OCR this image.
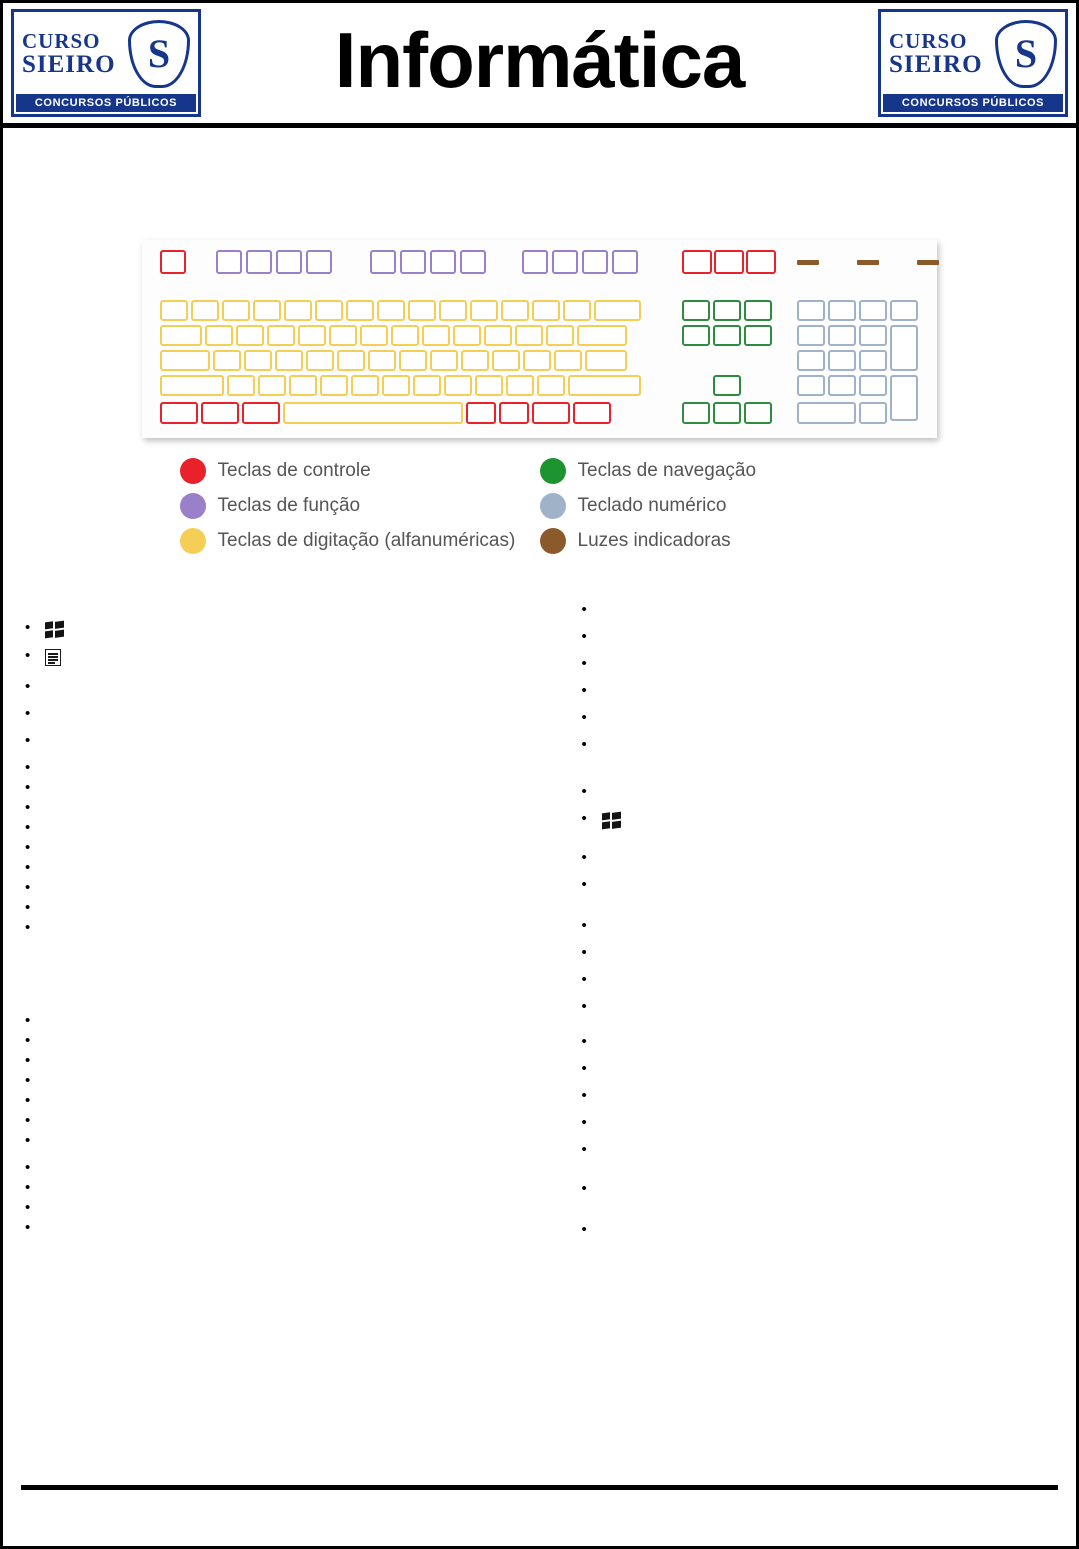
CURSO
SIEIRO S
CONCURSOS PÚBLICOS	Informática	CURSO
SIEIRO S
CONCURSOS PÚBLICOS
Teclas de controle	Teclas de navegação
Teclas de função	Teclado numérico
Teclas de digitação (alfanuméricas)	Luzes indicadoras
•
•
•
•
•
•
•
•
•
•
•
•
•
•
•
•
•
•
•
•
•
•
•
•
•
•
•
•
•
•
•
•
•
•
•
•
•
•
•
•
•
•
•
•
•
•
